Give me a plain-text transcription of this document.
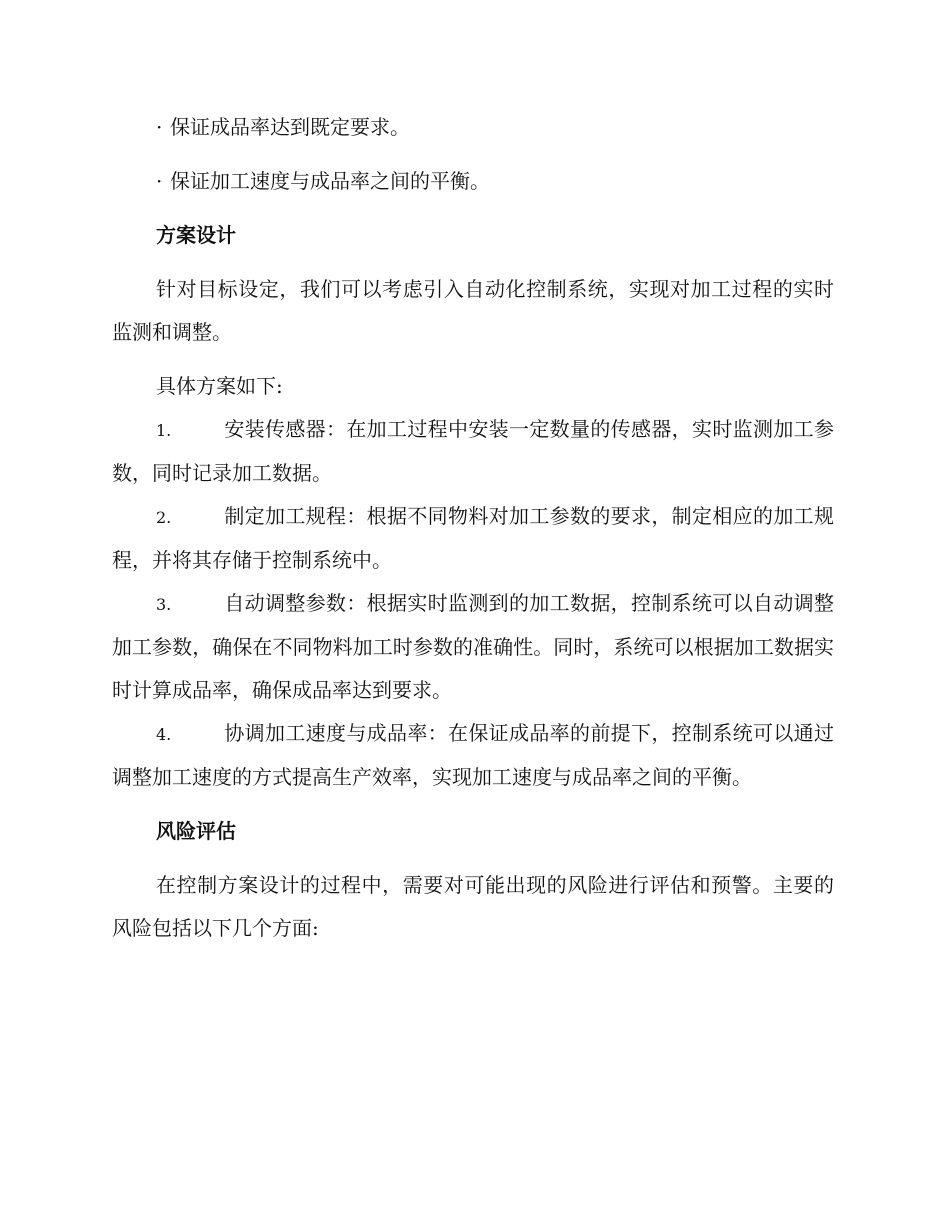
· 保证成品率达到既定要求。

· 保证加工速度与成品率之间的平衡。

方案设计

针对目标设定，我们可以考虑引入自动化控制系统，实现对加工过程的实时监测和调整。

具体方案如下:

1.	安装传感器：在加工过程中安装一定数量的传感器，实时监测加工参数，同时记录加工数据。

2.	制定加工规程：根据不同物料对加工参数的要求，制定相应的加工规程，并将其存储于控制系统中。

3.	自动调整参数：根据实时监测到的加工数据，控制系统可以自动调整加工参数，确保在不同物料加工时参数的准确性。同时，系统可以根据加工数据实时计算成品率，确保成品率达到要求。

4.	协调加工速度与成品率：在保证成品率的前提下，控制系统可以通过调整加工速度的方式提高生产效率，实现加工速度与成品率之间的平衡。

风险评估

在控制方案设计的过程中，需要对可能出现的风险进行评估和预警。主要的风险包括以下几个方面:
